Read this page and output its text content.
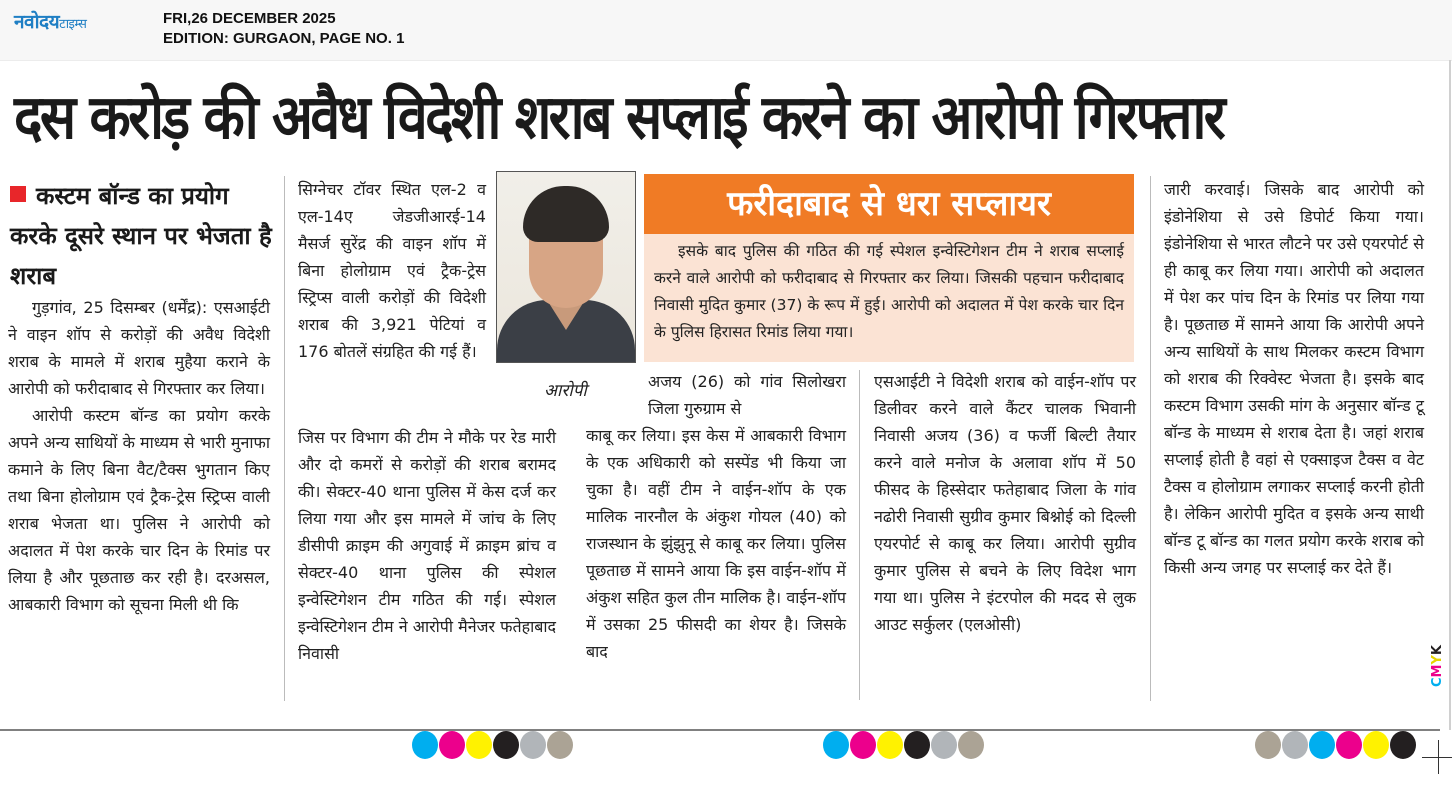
नवोदयटाइम्स	FRI,26 DECEMBER 2025
EDITION: GURGAON, PAGE NO. 1
दस करोड़ की अवैध विदेशी शराब सप्लाई करने का आरोपी गिरफ्तार
कस्टम बॉन्ड का प्रयोग करके दूसरे स्थान पर भेजता है शराब

गुड़गांव, 25 दिसम्बर (धर्मेंद्र): एसआईटी ने वाइन शॉप से करोड़ों की अवैध विदेशी शराब के मामले में शराब मुहैया कराने के आरोपी को फरीदाबाद से गिरफ्तार कर लिया।

आरोपी कस्टम बॉन्ड का प्रयोग करके अपने अन्य साथियों के माध्यम से भारी मुनाफा कमाने के लिए बिना वैट/टैक्स भुगतान किए तथा बिना होलोग्राम एवं ट्रैक-ट्रेस स्ट्रिप्स वाली शराब भेजता था। पुलिस ने आरोपी को अदालत में पेश करके चार दिन के रिमांड पर लिया है और पूछताछ कर रही है। दरअसल, आबकारी विभाग को सूचना मिली थी कि

सिग्नेचर टॉवर स्थित एल-2 व एल-14ए जेडजीआरई-14 मैसर्ज सुरेंद्र की वाइन शॉप में बिना होलोग्राम एवं ट्रैक-ट्रेस स्ट्रिप्स वाली करोड़ों की विदेशी शराब की 3,921 पेटियां व 176 बोतलें संग्रहित की गई हैं।

जिस पर विभाग की टीम ने मौके पर रेड मारी और दो कमरों से करोड़ों की शराब बरामद की। सेक्टर-40 थाना पुलिस में केस दर्ज कर लिया गया और इस मामले में जांच के लिए डीसीपी क्राइम की अगुवाई में क्राइम ब्रांच व सेक्टर-40 थाना पुलिस की स्पेशल इन्वेस्टिगेशन टीम गठित की गई। स्पेशल इन्वेस्टिगेशन टीम ने आरोपी मैनेजर फतेहाबाद निवासी

आरोपी
फरीदाबाद से धरा सप्लायर

इसके बाद पुलिस की गठित की गई स्पेशल इन्वेस्टिगेशन टीम ने शराब सप्लाई करने वाले आरोपी को फरीदाबाद से गिरफ्तार कर लिया। जिसकी पहचान फरीदाबाद निवासी मुदित कुमार (37) के रूप में हुई। आरोपी को अदालत में पेश करके चार दिन के पुलिस हिरासत रिमांड लिया गया।

अजय (26) को गांव सिलोखरा जिला गुरुग्राम से

काबू कर लिया। इस केस में आबकारी विभाग के एक अधिकारी को सस्पेंड भी किया जा चुका है। वहीं टीम ने वाईन-शॉप के एक मालिक नारनौल के अंकुश गोयल (40) को राजस्थान के झुंझुनू से काबू कर लिया। पुलिस पूछताछ में सामने आया कि इस वाईन-शॉप में अंकुश सहित कुल तीन मालिक है। वाईन-शॉप में उसका 25 फीसदी का शेयर है। जिसके बाद

एसआईटी ने विदेशी शराब को वाईन-शॉप पर डिलीवर करने वाले कैंटर चालक भिवानी निवासी अजय (36) व फर्जी बिल्टी तैयार करने वाले मनोज के अलावा शॉप में 50 फीसद के हिस्सेदार फतेहाबाद जिला के गांव नढोरी निवासी सुग्रीव कुमार बिश्नोई को दिल्ली एयरपोर्ट से काबू कर लिया। आरोपी सुग्रीव कुमार पुलिस से बचने के लिए विदेश भाग गया था। पुलिस ने इंटरपोल की मदद से लुक आउट सर्कुलर (एलओसी)

जारी करवाई। जिसके बाद आरोपी को इंडोनेशिया से उसे डिपोर्ट किया गया। इंडोनेशिया से भारत लौटने पर उसे एयरपोर्ट से ही काबू कर लिया गया। आरोपी को अदालत में पेश कर पांच दिन के रिमांड पर लिया गया है। पूछताछ में सामने आया कि आरोपी अपने अन्य साथियों के साथ मिलकर कस्टम विभाग को शराब की रिक्वेस्ट भेजता है। इसके बाद कस्टम विभाग उसकी मांग के अनुसार बॉन्ड टू बॉन्ड के माध्यम से शराब देता है। जहां शराब सप्लाई होती है वहां से एक्साइज टैक्स व वेट टैक्स व होलोग्राम लगाकर सप्लाई करनी होती है। लेकिन आरोपी मुदित व इसके अन्य साथी बॉन्ड टू बॉन्ड का गलत प्रयोग करके शराब को किसी अन्य जगह पर सप्लाई कर देते हैं।

CMYK
